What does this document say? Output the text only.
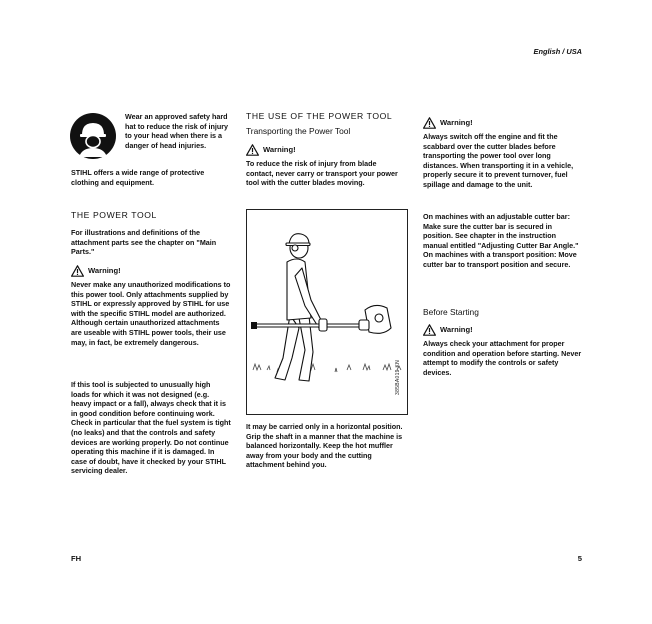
English / USA
Wear an approved safety hard hat to reduce the risk of injury to your head when there is a danger of head injuries.
STIHL offers a wide range of protective clothing and equipment.
THE POWER TOOL
For illustrations and definitions of the attachment parts see the chapter on "Main Parts."
Warning!
Never make any unauthorized modifications to this power tool. Only attachments supplied by STIHL or expressly approved by STIHL for use with the specific STIHL model are authorized. Although certain unauthorized attachments are useable with STIHL power tools, their use may, in fact, be extremely dangerous.
If this tool is subjected to unusually high loads for which it was not designed (e.g. heavy impact or a fall), always check that it is in good condition before continuing work. Check in particular that the fuel system is tight (no leaks) and that the controls and safety devices are working properly. Do not continue operating this machine if it is damaged. In case of doubt, have it checked by your STIHL servicing dealer.
THE USE OF THE POWER TOOL
Transporting the Power Tool
Warning!
To reduce the risk of injury from blade contact, never carry or transport your power tool with the cutter blades moving.
385BA019 KN
It may be carried only in a horizontal position. Grip the shaft in a manner that the machine is balanced horizontally. Keep the hot muffler away from your body and the cutting attachment behind you.
Warning!
Always switch off the engine and fit the scabbard over the cutter blades before transporting the power tool over long distances. When transporting it in a vehicle, properly secure it to prevent turnover, fuel spillage and damage to the unit.
On machines with an adjustable cutter bar: Make sure the cutter bar is secured in position. See chapter in the instruction manual entitled "Adjusting Cutter Bar Angle." On machines with a transport position: Move cutter bar to transport position and secure.
Before Starting
Warning!
Always check your attachment for proper condition and operation before starting. Never attempt to modify the controls or safety devices.
FH	5
